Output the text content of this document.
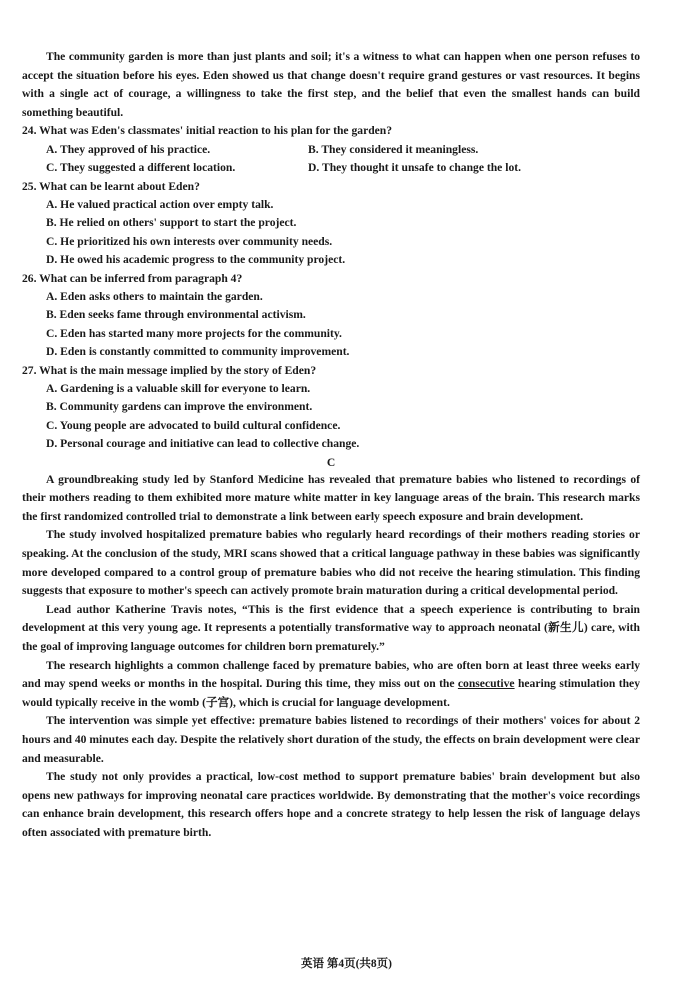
The community garden is more than just plants and soil; it's a witness to what can happen when one person refuses to accept the situation before his eyes. Eden showed us that change doesn't require grand gestures or vast resources. It begins with a single act of courage, a willingness to take the first step, and the belief that even the smallest hands can build something beautiful.

24. What was Eden's classmates' initial reaction to his plan for the garden?

A. They approved of his practice.	B. They considered it meaningless.
C. They suggested a different location.	D. They thought it unsafe to change the lot.

25. What can be learnt about Eden?

A. He valued practical action over empty talk.

B. He relied on others' support to start the project.

C. He prioritized his own interests over community needs.

D. He owed his academic progress to the community project.

26. What can be inferred from paragraph 4?

A. Eden asks others to maintain the garden.

B. Eden seeks fame through environmental activism.

C. Eden has started many more projects for the community.

D. Eden is constantly committed to community improvement.

27. What is the main message implied by the story of Eden?

A. Gardening is a valuable skill for everyone to learn.

B. Community gardens can improve the environment.

C. Young people are advocated to build cultural confidence.

D. Personal courage and initiative can lead to collective change.

C

A groundbreaking study led by Stanford Medicine has revealed that premature babies who listened to recordings of their mothers reading to them exhibited more mature white matter in key language areas of the brain. This research marks the first randomized controlled trial to demonstrate a link between early speech exposure and brain development.

The study involved hospitalized premature babies who regularly heard recordings of their mothers reading stories or speaking. At the conclusion of the study, MRI scans showed that a critical language pathway in these babies was significantly more developed compared to a control group of premature babies who did not receive the hearing stimulation. This finding suggests that exposure to mother's speech can actively promote brain maturation during a critical developmental period.

Lead author Katherine Travis notes, “This is the first evidence that a speech experience is contributing to brain development at this very young age. It represents a potentially transformative way to approach neonatal (新生儿) care, with the goal of improving language outcomes for children born prematurely.”

The research highlights a common challenge faced by premature babies, who are often born at least three weeks early and may spend weeks or months in the hospital. During this time, they miss out on the consecutive hearing stimulation they would typically receive in the womb (子宫), which is crucial for language development.

The intervention was simple yet effective: premature babies listened to recordings of their mothers' voices for about 2 hours and 40 minutes each day. Despite the relatively short duration of the study, the effects on brain development were clear and measurable.

The study not only provides a practical, low-cost method to support premature babies' brain development but also opens new pathways for improving neonatal care practices worldwide. By demonstrating that the mother's voice recordings can enhance brain development, this research offers hope and a concrete strategy to help lessen the risk of language delays often associated with premature birth.

英语 第4页(共8页)
